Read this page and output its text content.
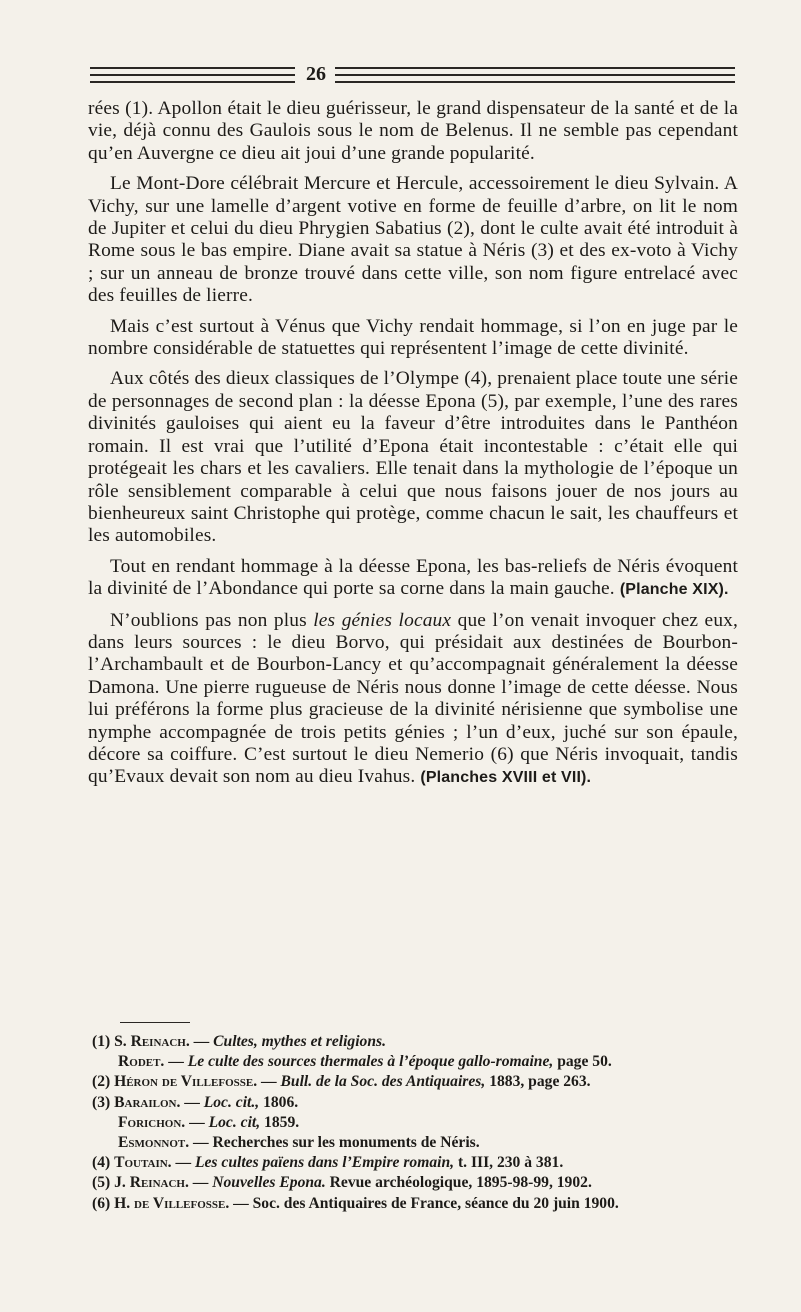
26

rées (1). Apollon était le dieu guérisseur, le grand dispensateur de la santé et de la vie, déjà connu des Gaulois sous le nom de Belenus. Il ne semble pas cependant qu’en Auvergne ce dieu ait joui d’une grande popularité.

Le Mont-Dore célébrait Mercure et Hercule, accessoirement le dieu Sylvain. A Vichy, sur une lamelle d’argent votive en forme de feuille d’arbre, on lit le nom de Jupiter et celui du dieu Phrygien Sabatius (2), dont le culte avait été introduit à Rome sous le bas empire. Diane avait sa statue à Néris (3) et des ex-voto à Vichy ; sur un anneau de bronze trouvé dans cette ville, son nom figure entrelacé avec des feuilles de lierre.

Mais c’est surtout à Vénus que Vichy rendait hommage, si l’on en juge par le nombre considérable de statuettes qui représentent l’image de cette divinité.

Aux côtés des dieux classiques de l’Olympe (4), prenaient place toute une série de personnages de second plan : la déesse Epona (5), par exemple, l’une des rares divinités gauloises qui aient eu la faveur d’être introduites dans le Panthéon romain. Il est vrai que l’utilité d’Epona était incontestable : c’était elle qui protégeait les chars et les cavaliers. Elle tenait dans la mythologie de l’époque un rôle sensiblement comparable à celui que nous faisons jouer de nos jours au bienheureux saint Christophe qui protège, comme chacun le sait, les chauffeurs et les automobiles.

Tout en rendant hommage à la déesse Epona, les bas-reliefs de Néris évoquent la divinité de l’Abondance qui porte sa corne dans la main gauche. (Planche XIX).

N’oublions pas non plus les génies locaux que l’on venait invoquer chez eux, dans leurs sources : le dieu Borvo, qui présidait aux destinées de Bourbon-l’Archambault et de Bourbon-Lancy et qu’accompagnait généralement la déesse Damona. Une pierre rugueuse de Néris nous donne l’image de cette déesse. Nous lui préférons la forme plus gracieuse de la divinité nérisienne que symbolise une nymphe accompagnée de trois petits génies ; l’un d’eux, juché sur son épaule, décore sa coiffure. C’est surtout le dieu Nemerio (6) que Néris invoquait, tandis qu’Evaux devait son nom au dieu Ivahus. (Planches XVIII et VII).

(1) S. Reinach. — Cultes, mythes et religions.

Rodet. — Le culte des sources thermales à l’époque gallo-romaine, page 50.

(2) Héron de Villefosse. — Bull. de la Soc. des Antiquaires, 1883, page 263.

(3) Barailon. — Loc. cit., 1806.

Forichon. — Loc. cit, 1859.

Esmonnot. — Recherches sur les monuments de Néris.

(4) Toutain. — Les cultes païens dans l’Empire romain, t. III, 230 à 381.

(5) J. Reinach. — Nouvelles Epona. Revue archéologique, 1895-98-99, 1902.

(6) H. de Villefosse. — Soc. des Antiquaires de France, séance du 20 juin 1900.
